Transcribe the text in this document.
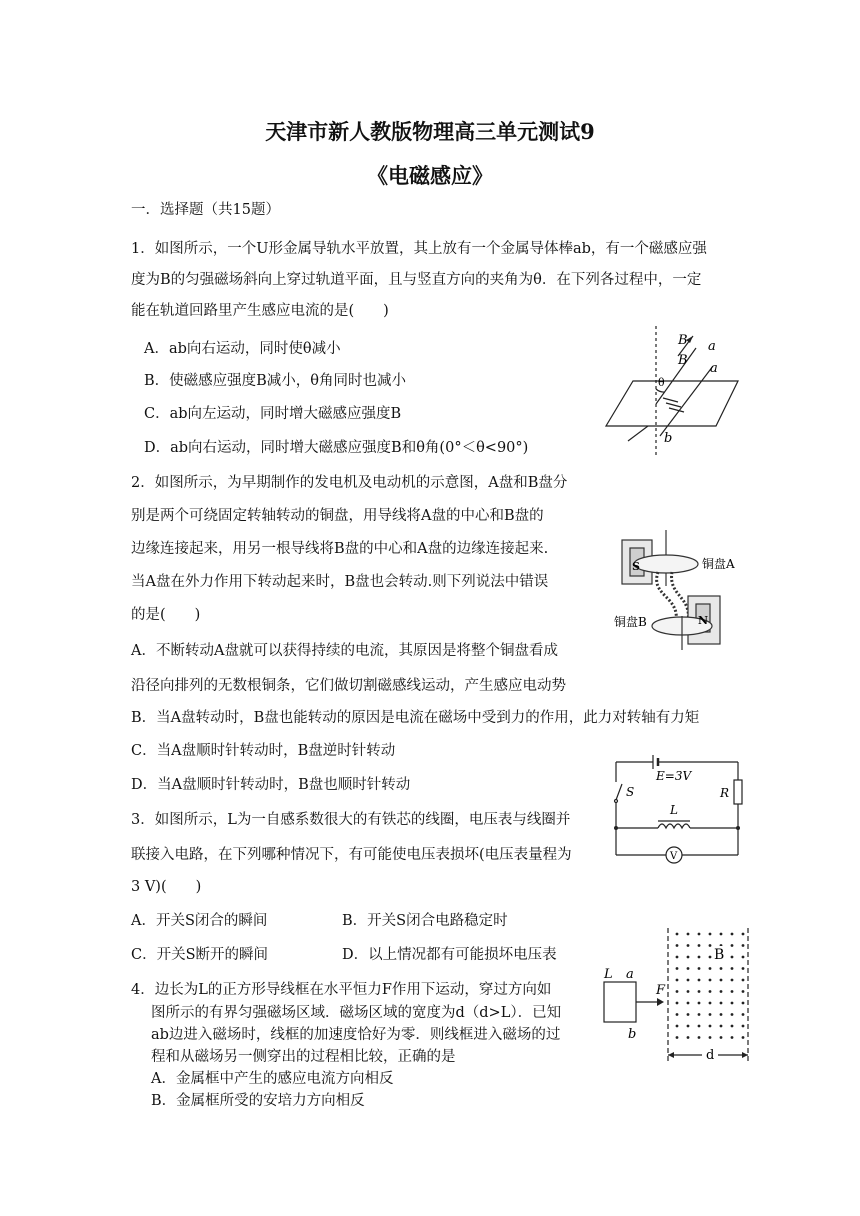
天津市新人教版物理高三单元测试9
《电磁感应》
一．选择题（共15题）
1．如图所示，一个U形金属导轨水平放置，其上放有一个金属导体棒ab，有一个磁感应强
度为B的匀强磁场斜向上穿过轨道平面，且与竖直方向的夹角为θ．在下列各过程中，一定
能在轨道回路里产生感应电流的是(　　)
A．ab向右运动，同时使θ减小
B．使磁感应强度B减小，θ角同时也减小
C．ab向左运动，同时增大磁感应强度B
D．ab向右运动，同时增大磁感应强度B和θ角(0°＜θ<90°)
B
B
a
a
θ
b
2．如图所示，为早期制作的发电机及电动机的示意图，A盘和B盘分
别是两个可绕固定转轴转动的铜盘，用导线将A盘的中心和B盘的
边缘连接起来，用另一根导线将B盘的中心和A盘的边缘连接起来.
当A盘在外力作用下转动起来时，B盘也会转动.则下列说法中错误
的是(　　)
A．不断转动A盘就可以获得持续的电流，其原因是将整个铜盘看成
沿径向排列的无数根铜条，它们做切割磁感线运动，产生感应电动势
B．当A盘转动时，B盘也能转动的原因是电流在磁场中受到力的作用，此力对转轴有力矩
C．当A盘顺时针转动时，B盘逆时针转动
D．当A盘顺时针转动时，B盘也顺时针转动
S
N
铜盘A
铜盘B
3．如图所示，L为一自感系数很大的有铁芯的线圈，电压表与线圈并
联接入电路，在下列哪种情况下，有可能使电压表损坏(电压表量程为
3 V)(　　)
A．开关S闭合的瞬间	B．开关S闭合电路稳定时
C．开关S断开的瞬间	D．以上情况都有可能损坏电压表
E=3V
S	R
L
V
4．边长为L的正方形导线框在水平恒力F作用下运动，穿过方向如
图所示的有界匀强磁场区域．磁场区域的宽度为d（d>L）．已知
ab边进入磁场时，线框的加速度恰好为零．则线框进入磁场的过
程和从磁场另一侧穿出的过程相比较，正确的是
A．金属框中产生的感应电流方向相反
B．金属框所受的安培力方向相反
L a
b
F
B
d
